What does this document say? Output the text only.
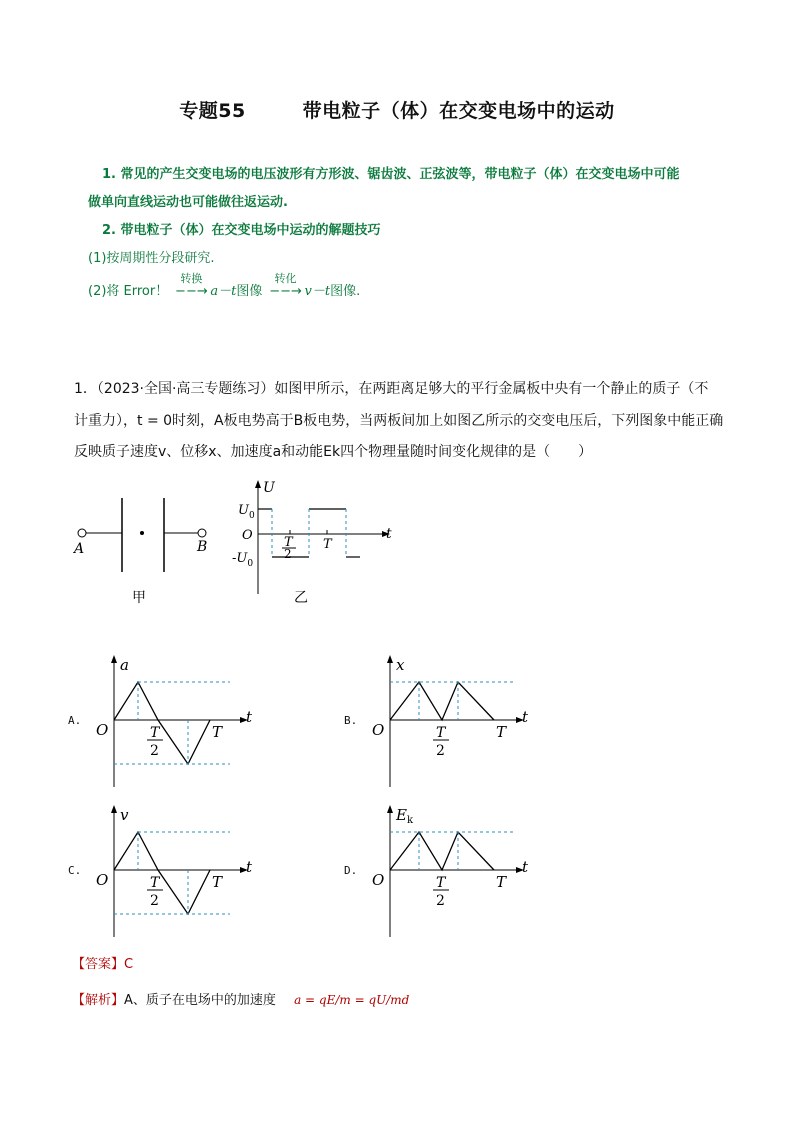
专题55	带电粒子（体）在交变电场中的运动
1. 常见的产生交变电场的电压波形有方形波、锯齿波、正弦波等，带电粒子（体）在交变电场中可能
做单向直线运动也可能做往返运动.
2. 带电粒子（体）在交变电场中运动的解题技巧
(1)按周期性分段研究.
(2)将 Error！
转换
−−→ a－t图像
转化
−−→ v－t图像.
1．（2023·全国·高三专题练习）如图甲所示，在两距离足够大的平行金属板中央有一个静止的质子（不
计重力），t = 0时刻，A板电势高于B板电势，当两板间加上如图乙所示的交变电压后，下列图象中能正确
反映质子速度v、位移x、加速度a和动能Ek四个物理量随时间变化规律的是（　　）
A	B
甲
U
$U_0$
O
$-U_0$
t
T
2
T
乙
A.
a
O
t
T
2
T
B.
x
O
t
T
2
T
C.
v
O
t
T
2
T
D.
$E_k$
O
t
T
2
T
【答案】C
【解析】A、质子在电场中的加速度 a = qE/m = qU/md
